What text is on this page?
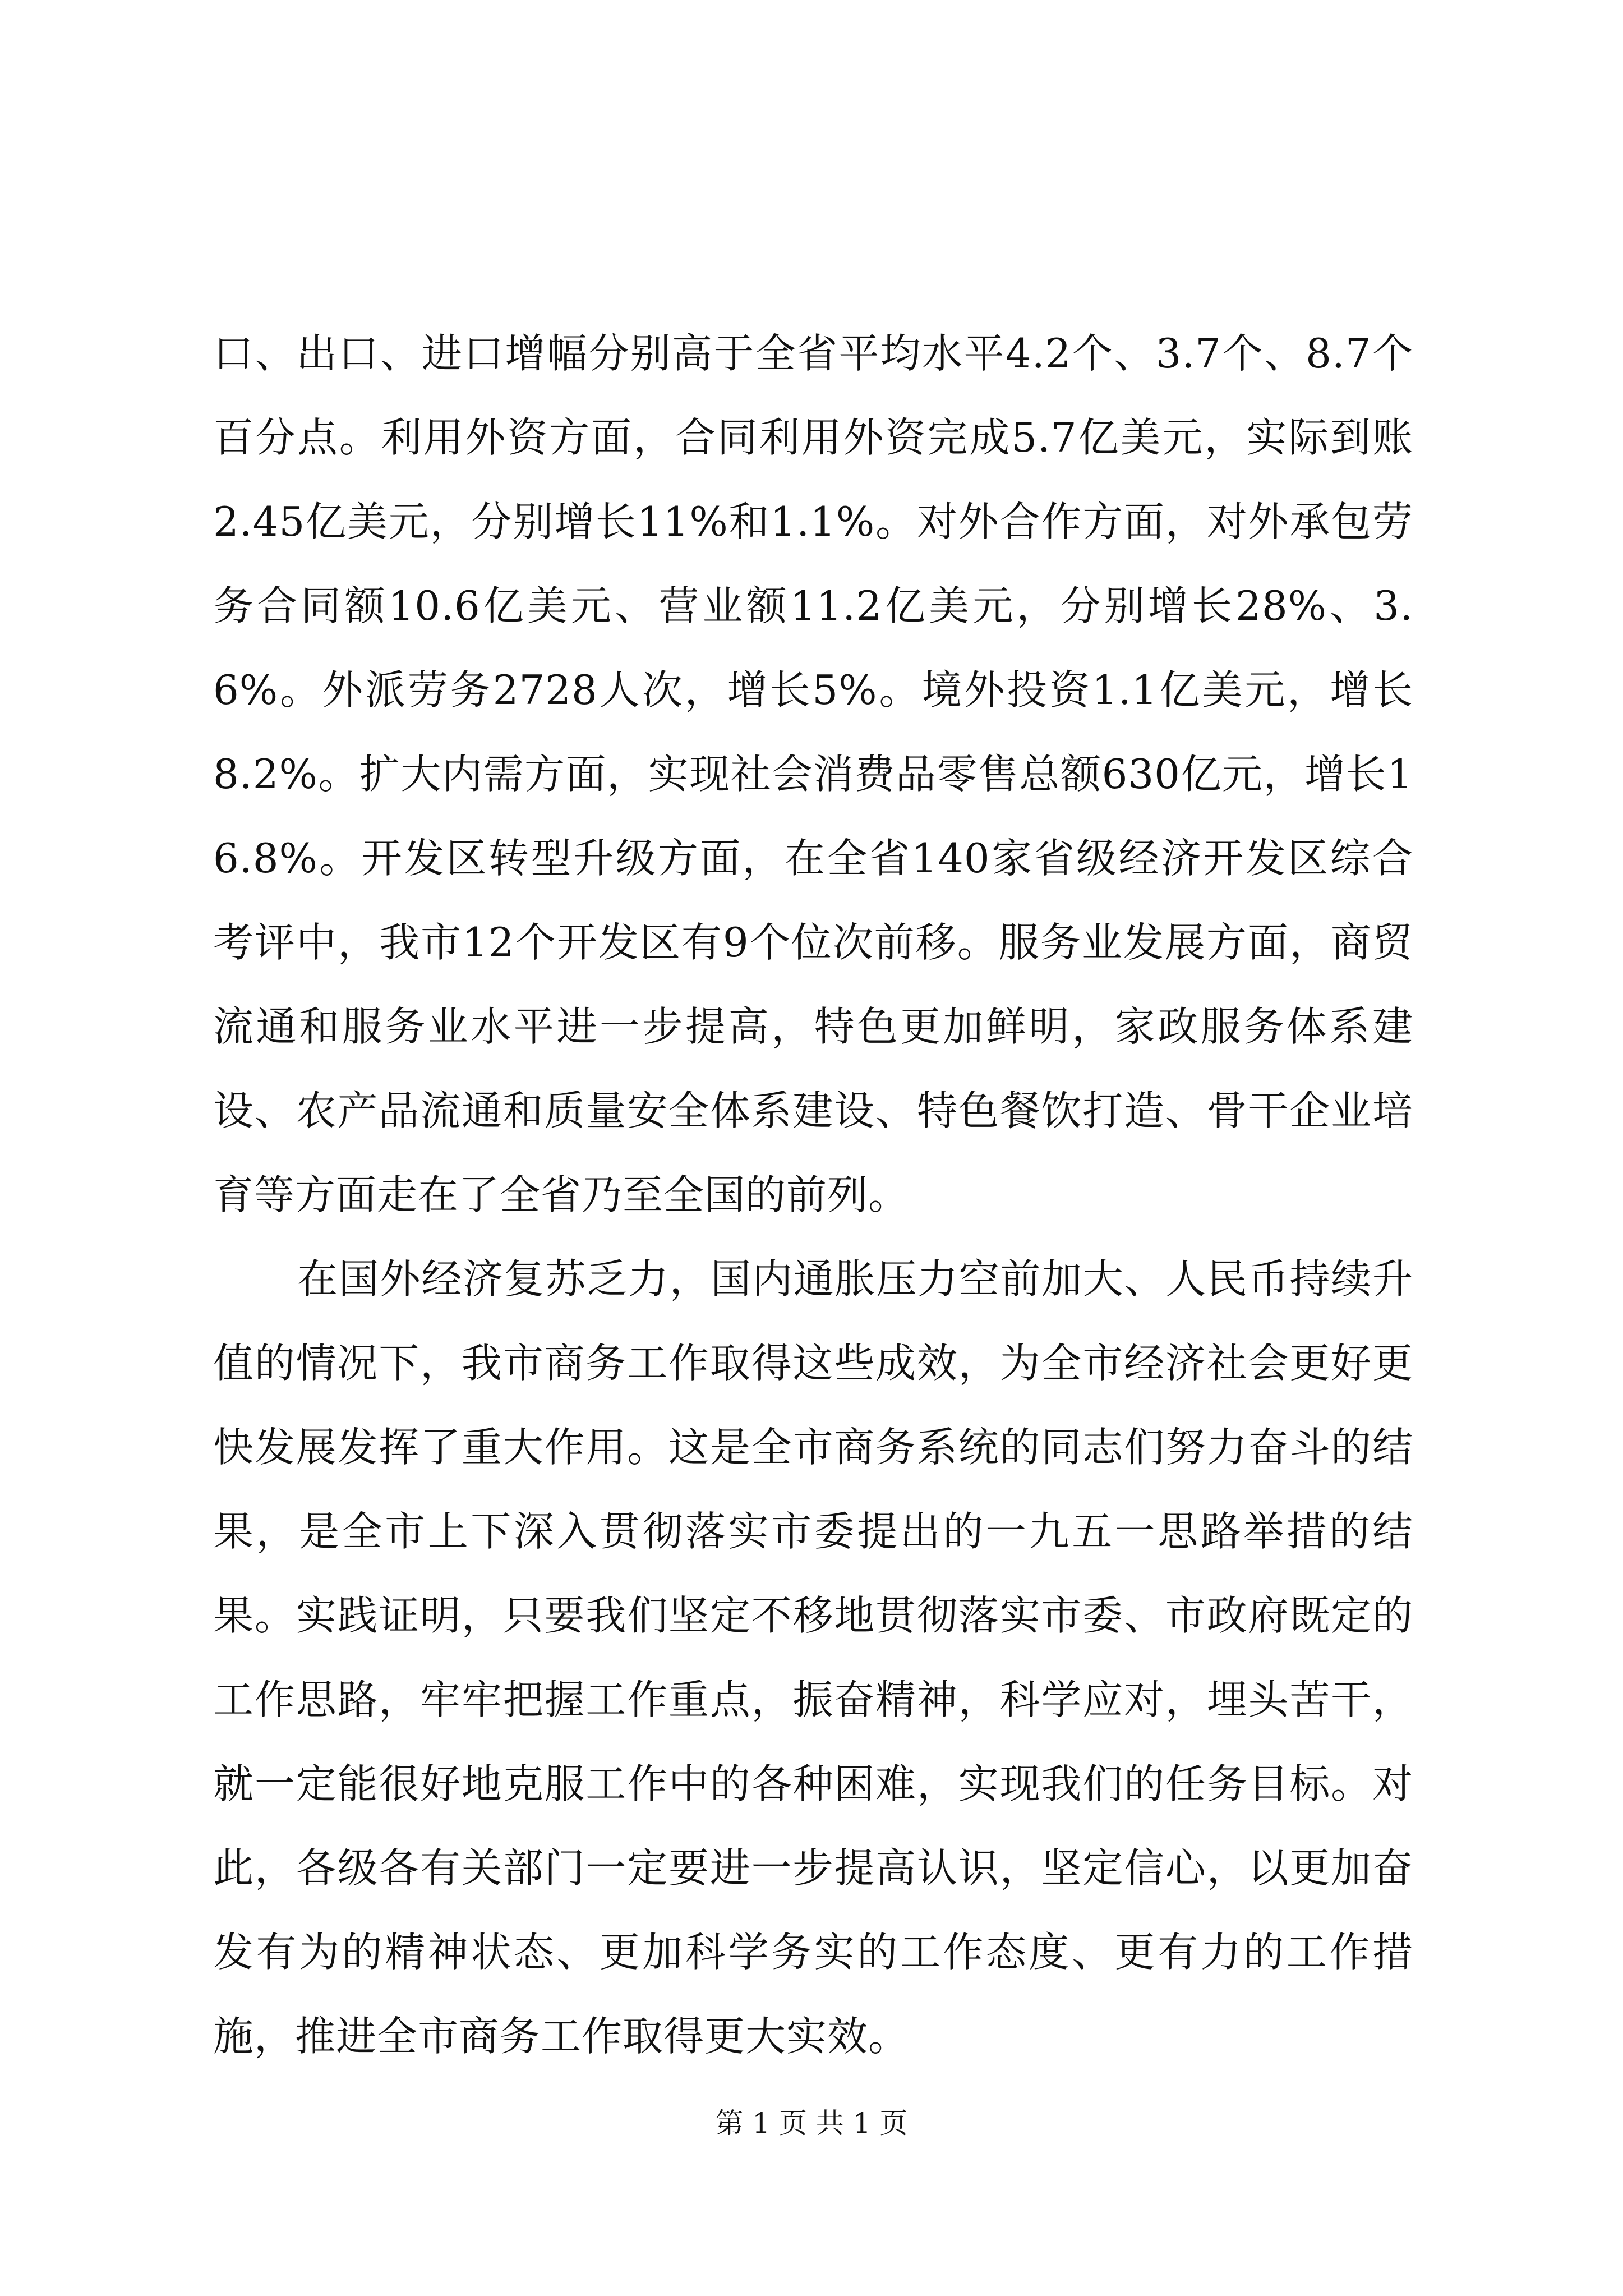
口、出口、进口增幅分别高于全省平均水平4.2个、3.7个、8.7个百分点。利用外资方面，合同利用外资完成5.7亿美元，实际到账2.45亿美元，分别增长11%和1.1%。对外合作方面，对外承包劳务合同额10.6亿美元、营业额11.2亿美元，分别增长28%、3.6%。外派劳务2728人次，增长5%。境外投资1.1亿美元，增长8.2%。扩大内需方面，实现社会消费品零售总额630亿元，增长16.8%。开发区转型升级方面，在全省140家省级经济开发区综合考评中，我市12个开发区有9个位次前移。服务业发展方面，商贸流通和服务业水平进一步提高，特色更加鲜明，家政服务体系建设、农产品流通和质量安全体系建设、特色餐饮打造、骨干企业培育等方面走在了全省乃至全国的前列。

在国外经济复苏乏力，国内通胀压力空前加大、人民币持续升值的情况下，我市商务工作取得这些成效，为全市经济社会更好更快发展发挥了重大作用。这是全市商务系统的同志们努力奋斗的结果，是全市上下深入贯彻落实市委提出的一九五一思路举措的结果。实践证明，只要我们坚定不移地贯彻落实市委、市政府既定的工作思路，牢牢把握工作重点，振奋精神，科学应对，埋头苦干，就一定能很好地克服工作中的各种困难，实现我们的任务目标。对此，各级各有关部门一定要进一步提高认识，坚定信心，以更加奋发有为的精神状态、更加科学务实的工作态度、更有力的工作措施，推进全市商务工作取得更大实效。

第 1 页 共 1 页
